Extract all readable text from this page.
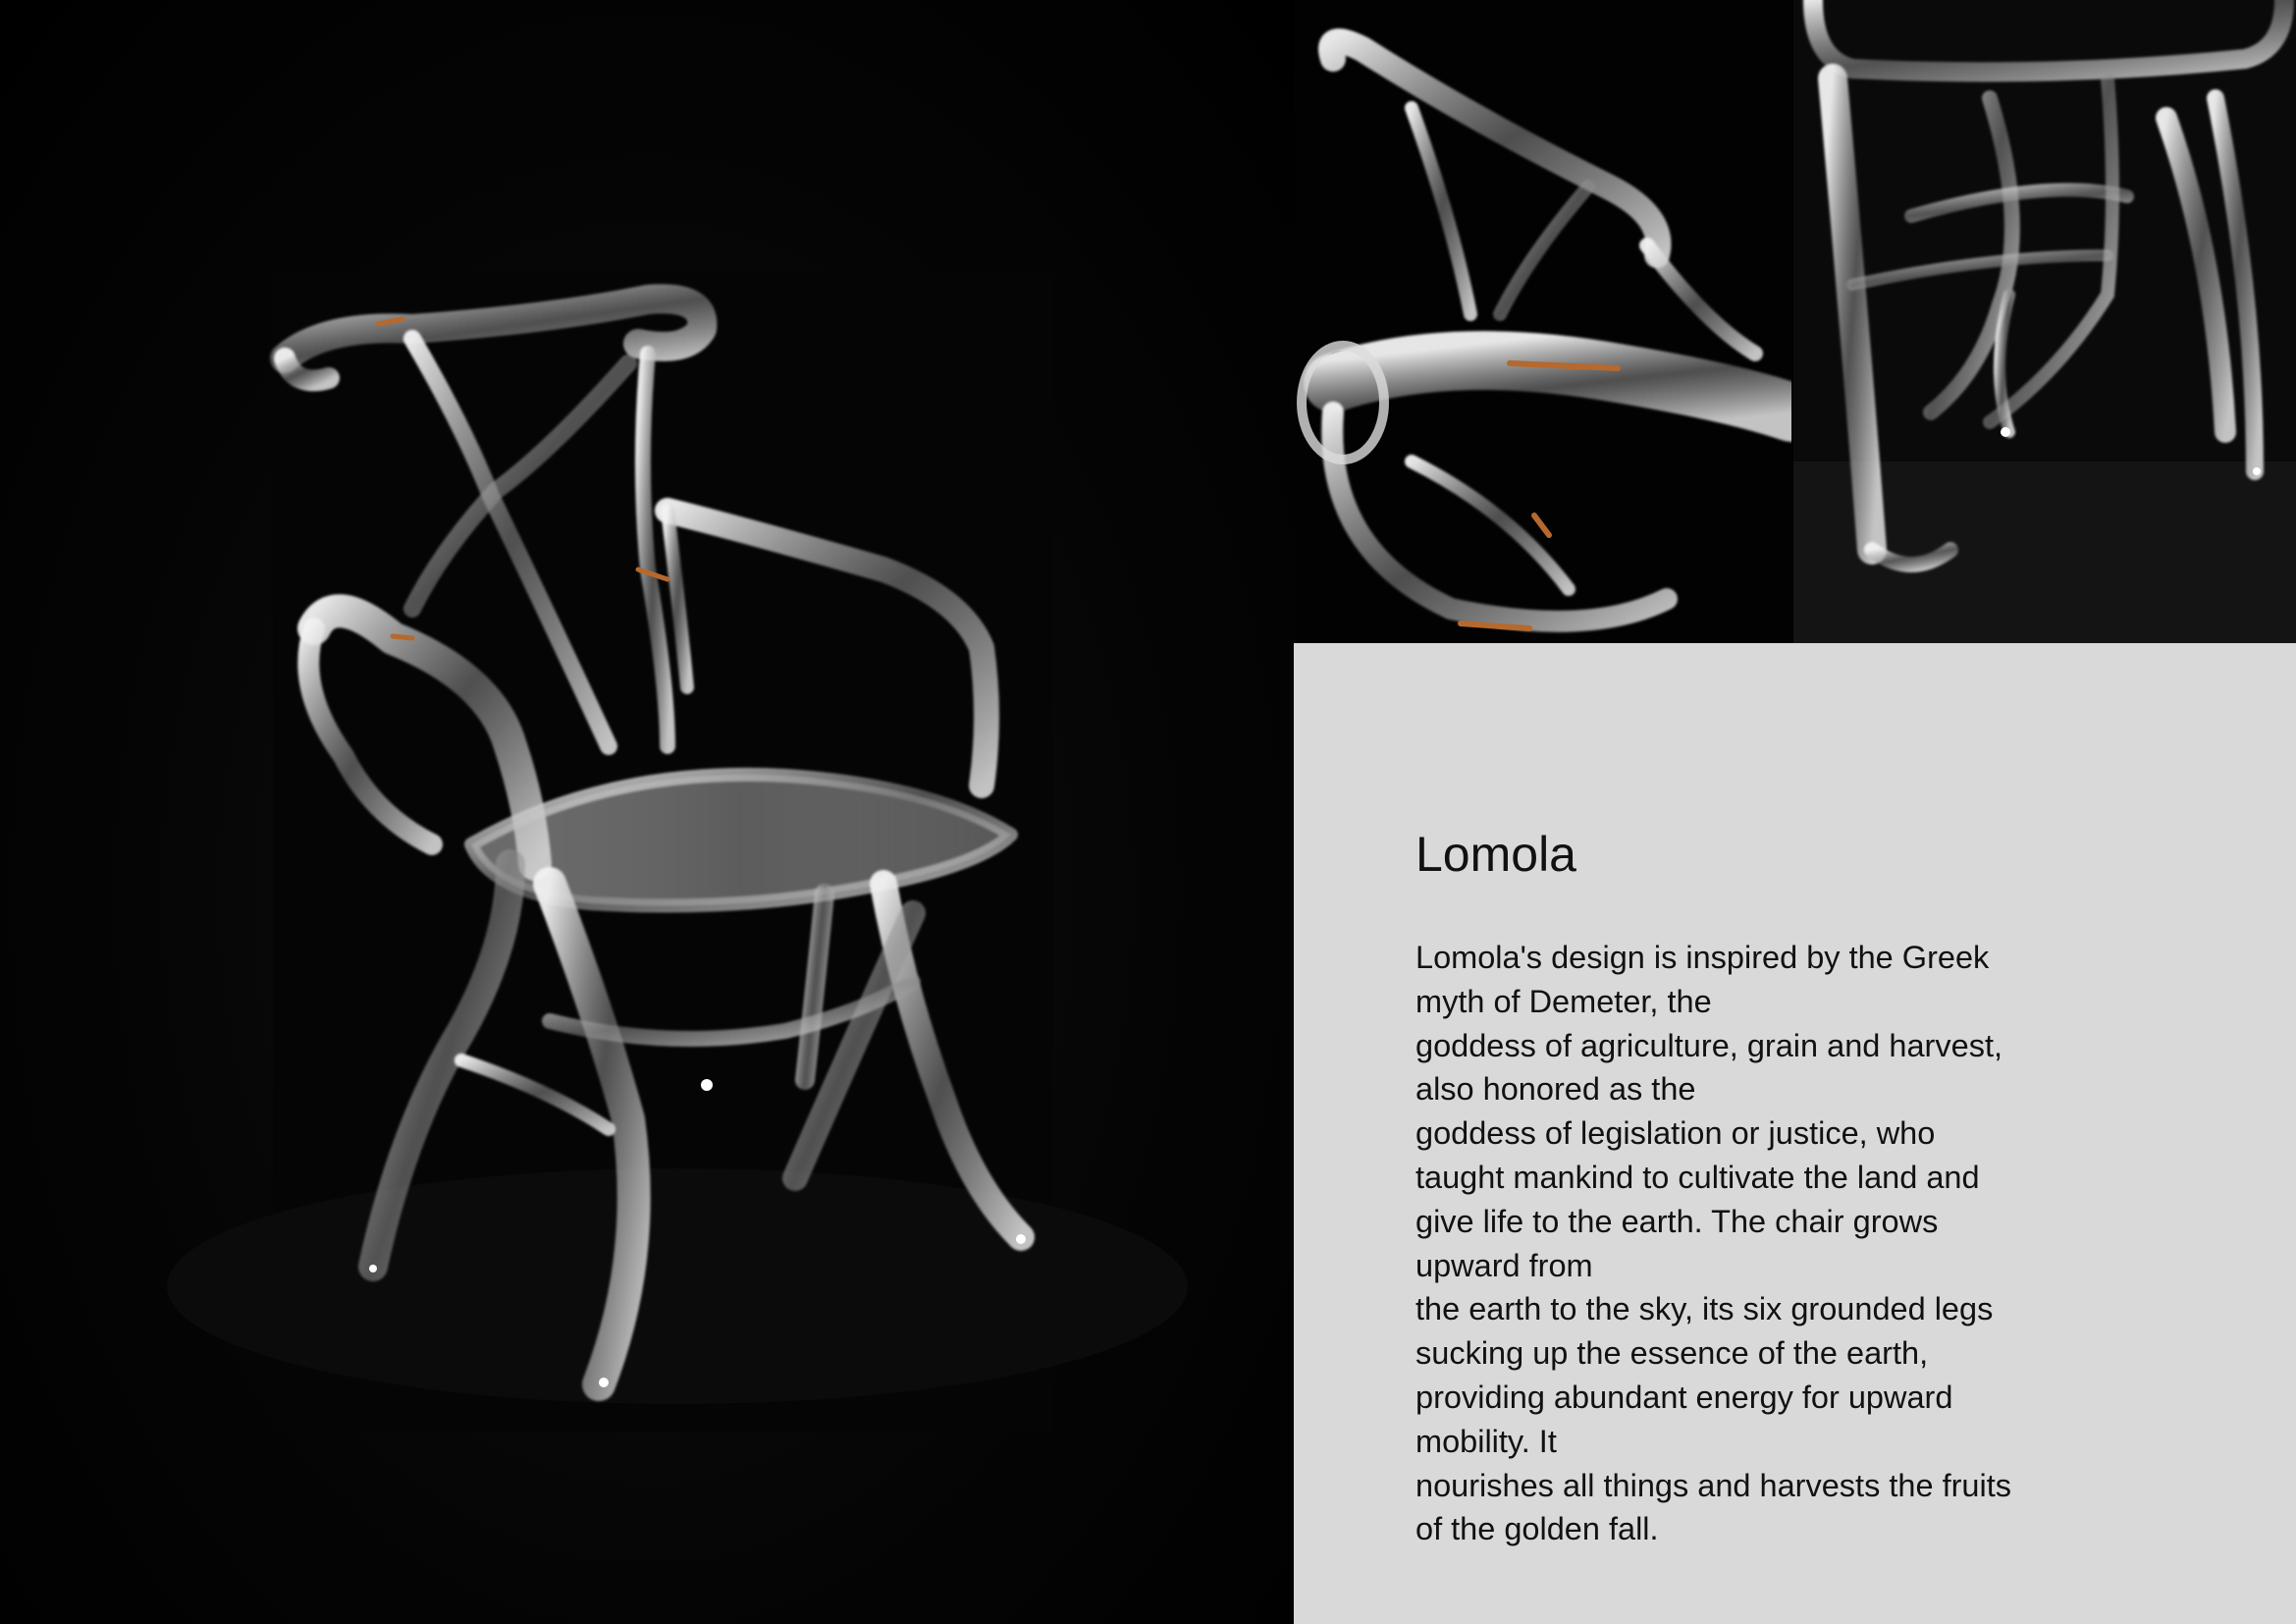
Lomola

Lomola's design is inspired by the Greek
myth of Demeter, the
goddess of agriculture, grain and harvest,
also honored as the
goddess of legislation or justice, who
taught mankind to cultivate the land and
give life to the earth. The chair grows
upward from
the earth to the sky, its six grounded legs
sucking up the essence of the earth,
providing abundant energy for upward
mobility. It
nourishes all things and harvests the fruits
of the golden fall.
